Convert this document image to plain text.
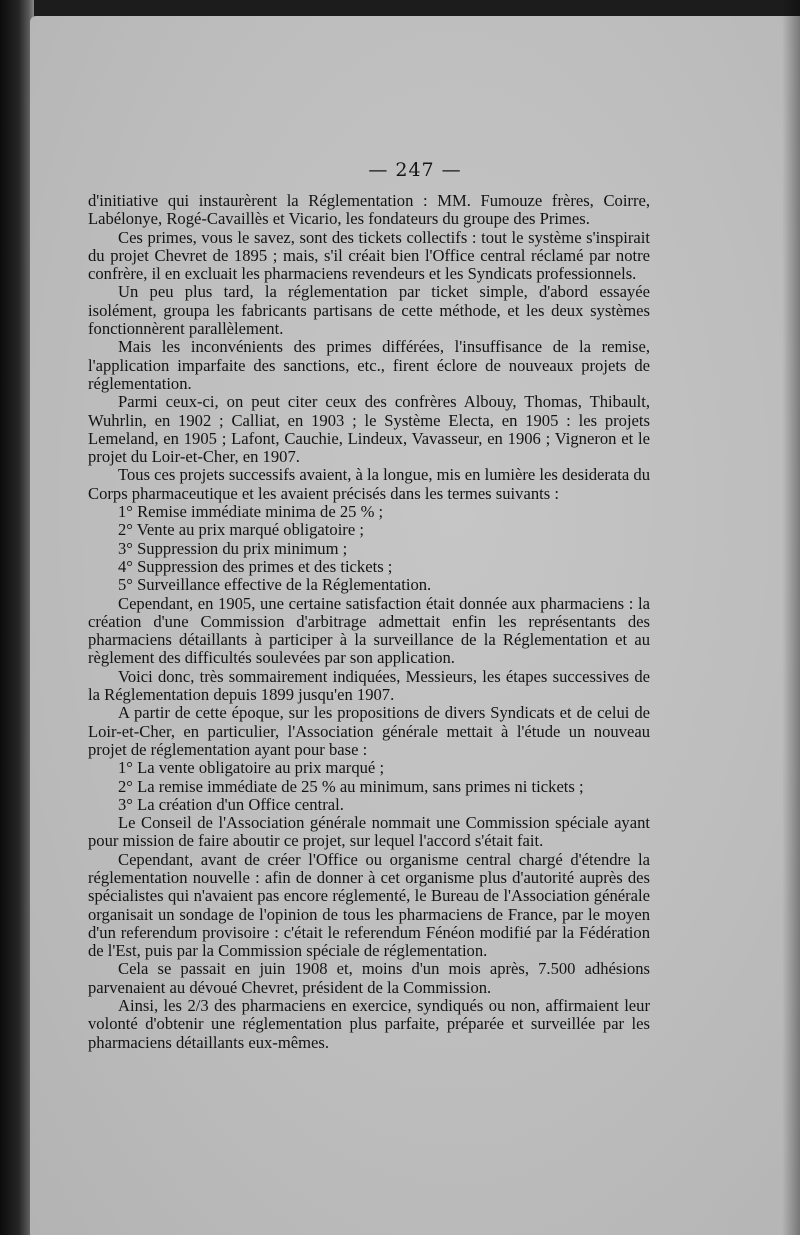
— 247 —

d'initiative qui instaurèrent la Réglementation : MM. Fumouze frères, Coirre, Labélonye, Rogé-Cavaillès et Vicario, les fondateurs du groupe des Primes.

Ces primes, vous le savez, sont des tickets collectifs : tout le système s'inspirait du projet Chevret de 1895 ; mais, s'il créait bien l'Office central réclamé par notre confrère, il en excluait les pharmaciens revendeurs et les Syndicats professionnels.

Un peu plus tard, la réglementation par ticket simple, d'abord essayée isolément, groupa les fabricants partisans de cette méthode, et les deux systèmes fonctionnèrent parallèlement.

Mais les inconvénients des primes différées, l'insuffisance de la remise, l'application imparfaite des sanctions, etc., firent éclore de nouveaux projets de réglementation.

Parmi ceux-ci, on peut citer ceux des confrères Albouy, Thomas, Thibault, Wuhrlin, en 1902 ; Calliat, en 1903 ; le Système Electa, en 1905 : les projets Lemeland, en 1905 ; Lafont, Cauchie, Lindeux, Vavasseur, en 1906 ; Vigneron et le projet du Loir-et-Cher, en 1907.

Tous ces projets successifs avaient, à la longue, mis en lumière les desiderata du Corps pharmaceutique et les avaient précisés dans les termes suivants :

1° Remise immédiate minima de 25 % ;

2° Vente au prix marqué obligatoire ;

3° Suppression du prix minimum ;

4° Suppression des primes et des tickets ;

5° Surveillance effective de la Réglementation.

Cependant, en 1905, une certaine satisfaction était donnée aux pharmaciens : la création d'une Commission d'arbitrage admettait enfin les représentants des pharmaciens détaillants à participer à la surveillance de la Réglementation et au règlement des difficultés soulevées par son application.

Voici donc, très sommairement indiquées, Messieurs, les étapes successives de la Réglementation depuis 1899 jusqu'en 1907.

A partir de cette époque, sur les propositions de divers Syndicats et de celui de Loir-et-Cher, en particulier, l'Association générale mettait à l'étude un nouveau projet de réglementation ayant pour base :

1° La vente obligatoire au prix marqué ;

2° La remise immédiate de 25 % au minimum, sans primes ni tickets ;

3° La création d'un Office central.

Le Conseil de l'Association générale nommait une Commission spéciale ayant pour mission de faire aboutir ce projet, sur lequel l'accord s'était fait.

Cependant, avant de créer l'Office ou organisme central chargé d'étendre la réglementation nouvelle : afin de donner à cet organisme plus d'autorité auprès des spécialistes qui n'avaient pas encore réglementé, le Bureau de l'Association générale organisait un sondage de l'opinion de tous les pharmaciens de France, par le moyen d'un referendum provisoire : c'était le referendum Fénéon modifié par la Fédération de l'Est, puis par la Commission spéciale de réglementation.

Cela se passait en juin 1908 et, moins d'un mois après, 7.500 adhésions parvenaient au dévoué Chevret, président de la Commission.

Ainsi, les 2/3 des pharmaciens en exercice, syndiqués ou non, affirmaient leur volonté d'obtenir une réglementation plus parfaite, préparée et surveillée par les pharmaciens détaillants eux-mêmes.
